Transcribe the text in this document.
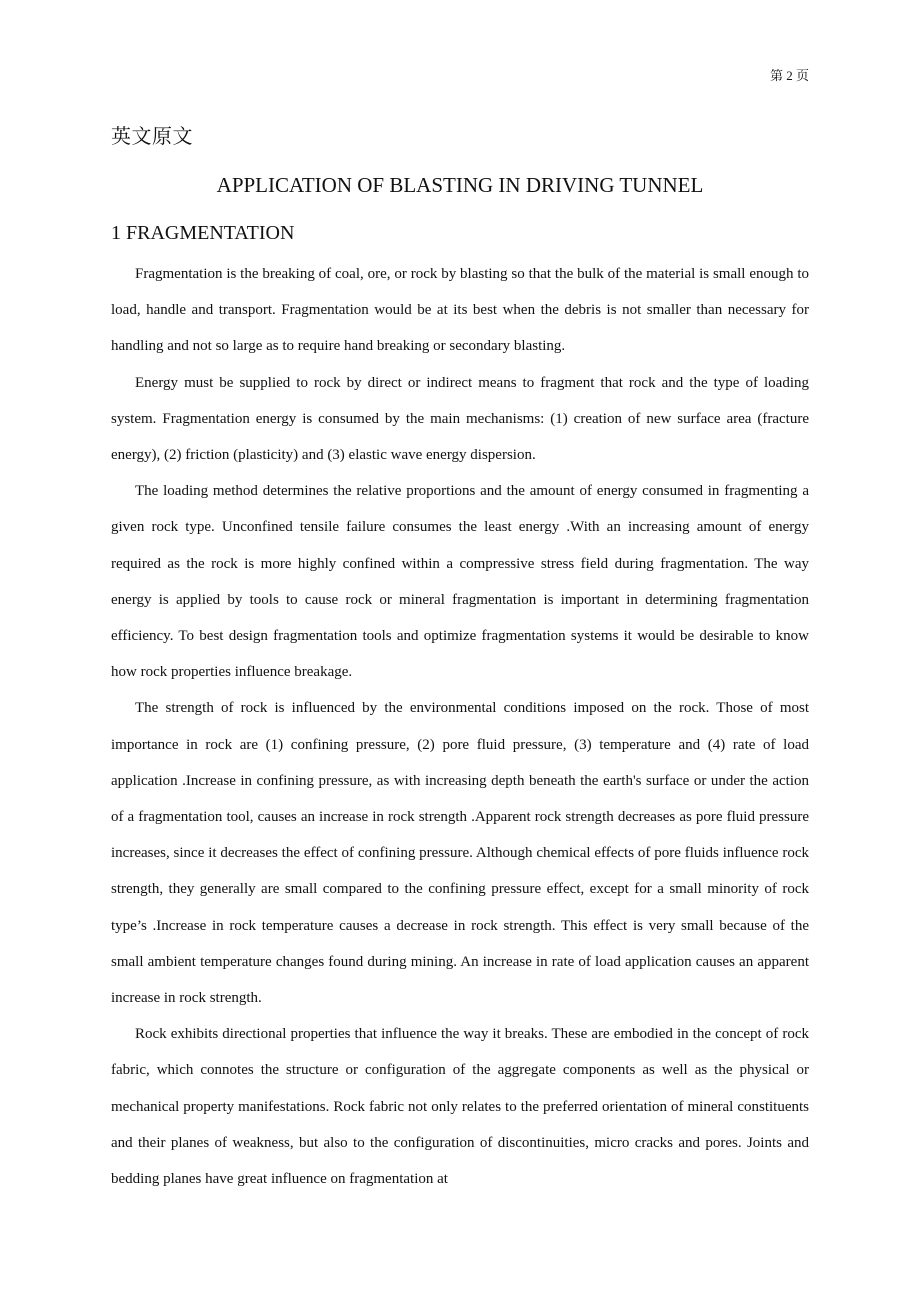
第 2 页
英文原文
APPLICATION OF BLASTING IN DRIVING TUNNEL
1 FRAGMENTATION

Fragmentation is the breaking of coal, ore, or rock by blasting so that the bulk of the material is small enough to load, handle and transport. Fragmentation would be at its best when the debris is not smaller than necessary for handling and not so large as to require hand breaking or secondary blasting.

Energy must be supplied to rock by direct or indirect means to fragment that rock and the type of loading system. Fragmentation energy is consumed by the main mechanisms: (1) creation of new surface area (fracture energy), (2) friction (plasticity) and (3) elastic wave energy dispersion.

The loading method determines the relative proportions and the amount of energy consumed in fragmenting a given rock type. Unconfined tensile failure consumes the least energy .With an increasing amount of energy required as the rock is more highly confined within a compressive stress field during fragmentation. The way energy is applied by tools to cause rock or mineral fragmentation is important in determining fragmentation efficiency. To best design fragmentation tools and optimize fragmentation systems it would be desirable to know how rock properties influence breakage.

The strength of rock is influenced by the environmental conditions imposed on the rock. Those of most importance in rock are (1) confining pressure, (2) pore fluid pressure, (3) temperature and (4) rate of load application .Increase in confining pressure, as with increasing depth beneath the earth's surface or under the action of a fragmentation tool, causes an increase in rock strength .Apparent rock strength decreases as pore fluid pressure increases, since it decreases the effect of confining pressure. Although chemical effects of pore fluids influence rock strength, they generally are small compared to the confining pressure effect, except for a small minority of rock type’s .Increase in rock temperature causes a decrease in rock strength. This effect is very small because of the small ambient temperature changes found during mining. An increase in rate of load application causes an apparent increase in rock strength.

Rock exhibits directional properties that influence the way it breaks. These are embodied in the concept of rock fabric, which connotes the structure or configuration of the aggregate components as well as the physical or mechanical property manifestations. Rock fabric not only relates to the preferred orientation of mineral constituents and their planes of weakness, but also to the configuration of discontinuities, micro cracks and pores. Joints and bedding planes have great influence on fragmentation at
